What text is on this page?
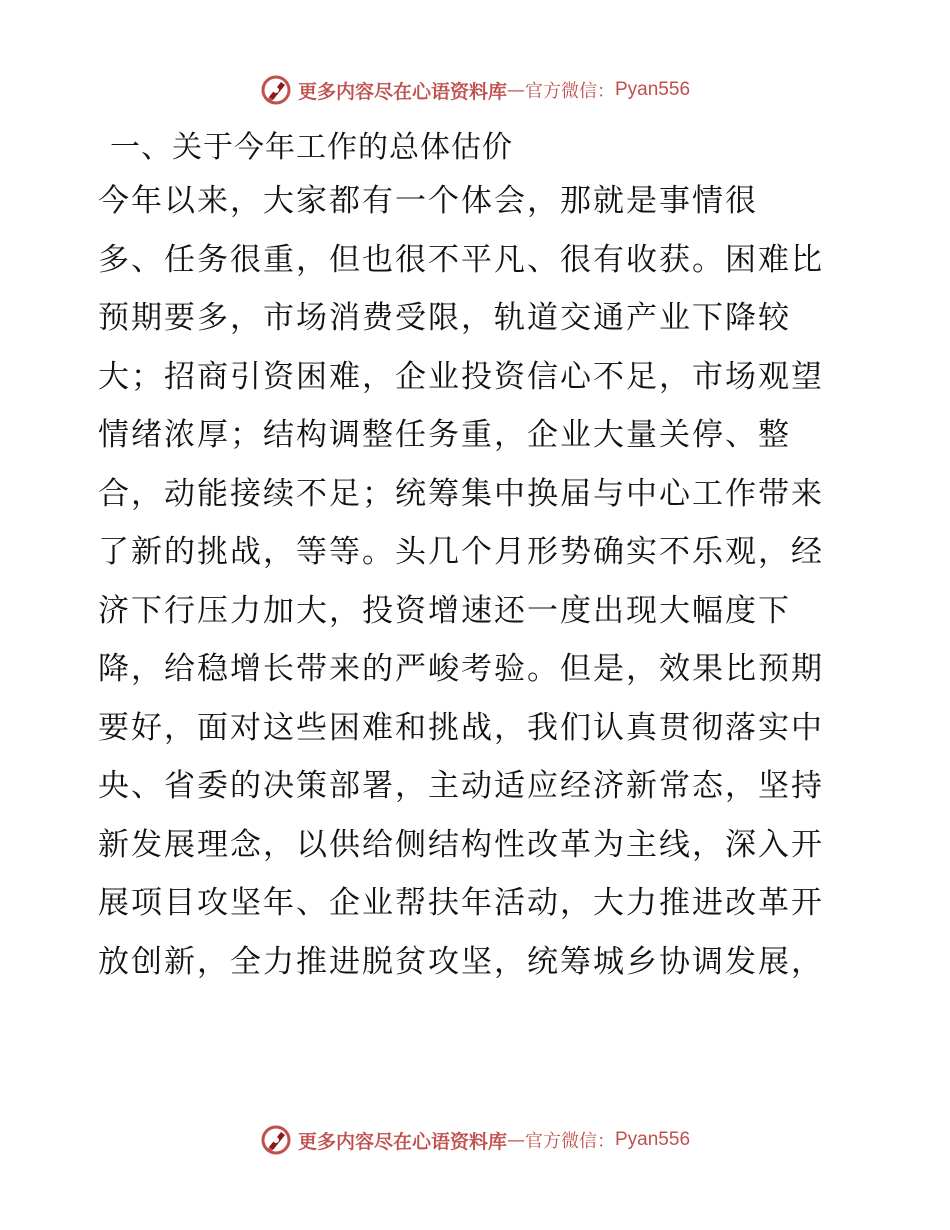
更多内容尽在心语资料库 — 官方微信： Pyan556
一、关于今年工作的总体估价
今年以来，大家都有一个体会，那就是事情很
多、任务很重，但也很不平凡、很有收获。困难比
预期要多，市场消费受限，轨道交通产业下降较
大；招商引资困难，企业投资信心不足，市场观望
情绪浓厚；结构调整任务重，企业大量关停、整
合，动能接续不足；统筹集中换届与中心工作带来
了新的挑战，等等。头几个月形势确实不乐观，经
济下行压力加大，投资增速还一度出现大幅度下
降，给稳增长带来的严峻考验。但是，效果比预期
要好，面对这些困难和挑战，我们认真贯彻落实中
央、省委的决策部署，主动适应经济新常态，坚持
新发展理念，以供给侧结构性改革为主线，深入开
展项目攻坚年、企业帮扶年活动，大力推进改革开
放创新，全力推进脱贫攻坚，统筹城乡协调发展，
更多内容尽在心语资料库 — 官方微信： Pyan556
